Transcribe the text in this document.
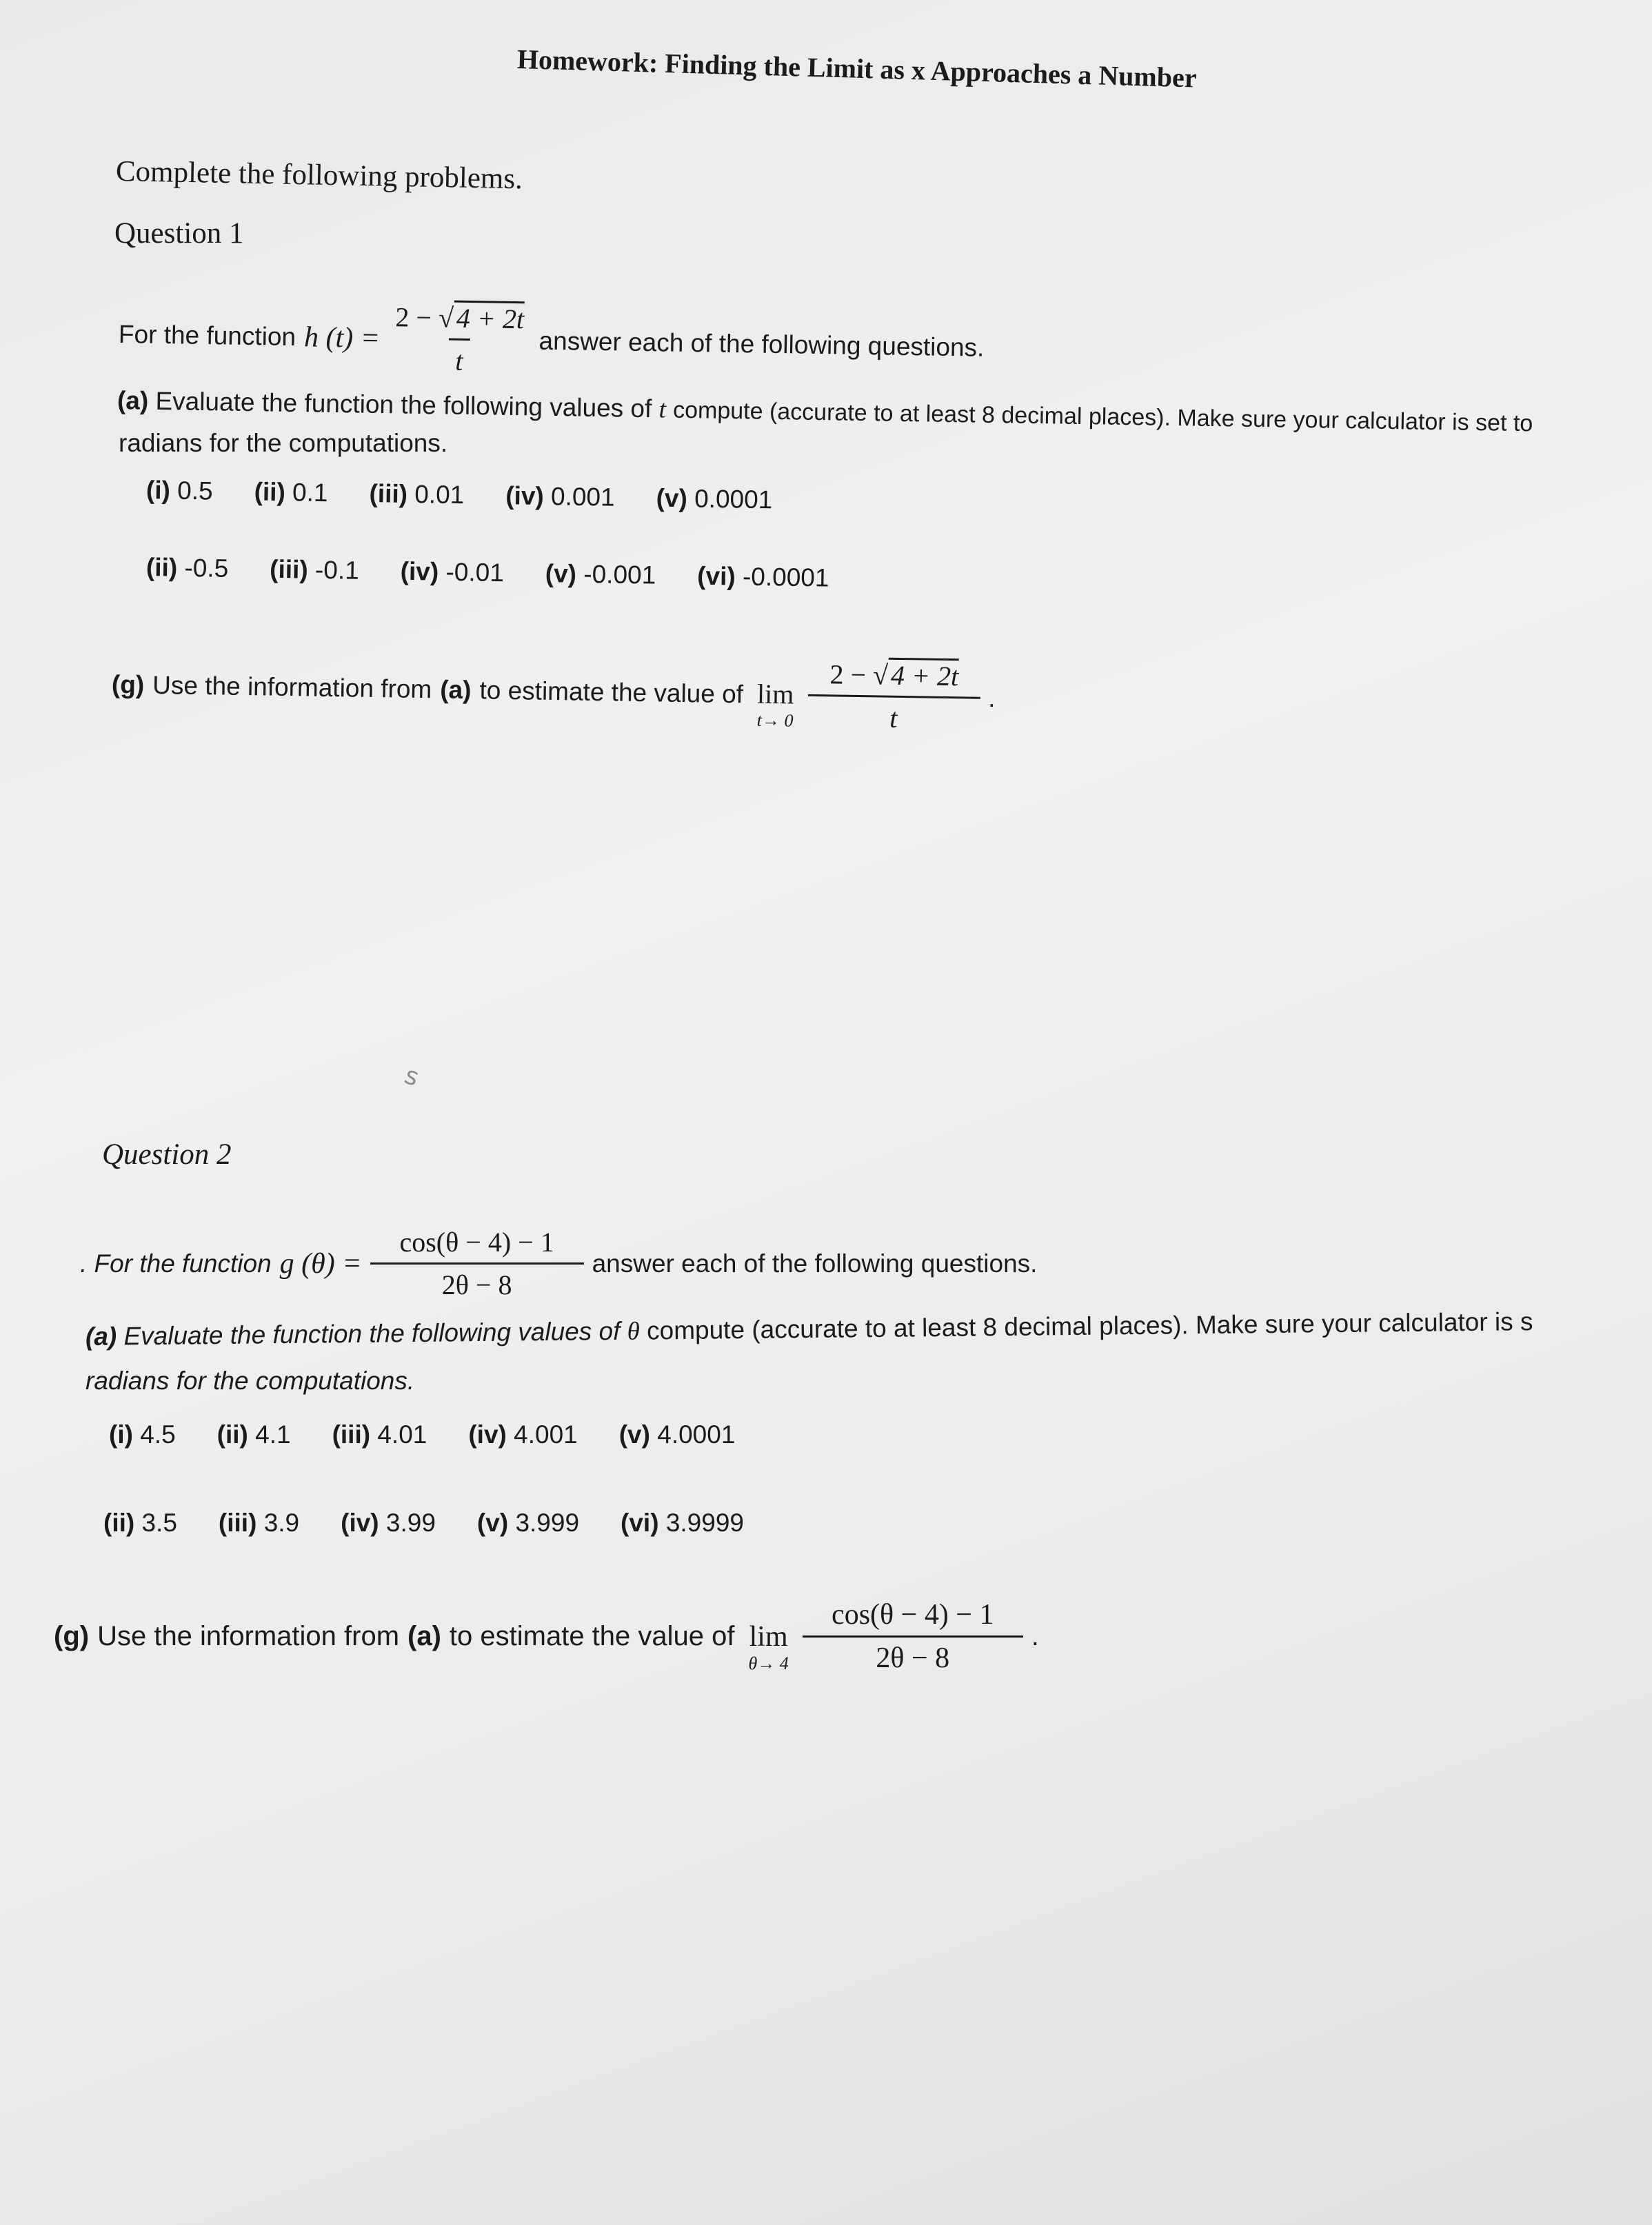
Homework: Finding the Limit as x Approaches a Number
Complete the following problems.
Question 1
For the function h $(t) = \frac{2 - √4 + 2t}{t}$ answer each of the following questions.
(a) Evaluate the function the following values of t compute (accurate to at least 8 decimal places). Make sure your calculator is set to
radians for the computations.
(i) 0.5 (ii) 0.1 (iii) 0.01 (iv) 0.001 (v) 0.0001
(ii) -0.5 (iii) -0.1 (iv) -0.01 (v) -0.001 (vi) -0.0001
(g) Use the information from (a) to estimate the value of lim
$t\to 0 \frac{2 - √4 + 2t}{t}$ .
ꜱ
Question 2
. For the function g $(\theta) = \frac{\cos(\theta - 4) - 1}{2\theta - 8}$ answer each of the following questions.
(a) Evaluate the function the following values of θ compute (accurate to at least 8 decimal places). Make sure your calculator is s
radians for the computations.
(i) 4.5 (ii) 4.1 (iii) 4.01 (iv) 4.001 (v) 4.0001
(ii) 3.5 (iii) 3.9 (iv) 3.99 (v) 3.999 (vi) 3.9999
(g) Use the information from (a) to estimate the value of lim
$\theta\to 4 \frac{\cos(\theta - 4) - 1}{2\theta - 8}$ .
